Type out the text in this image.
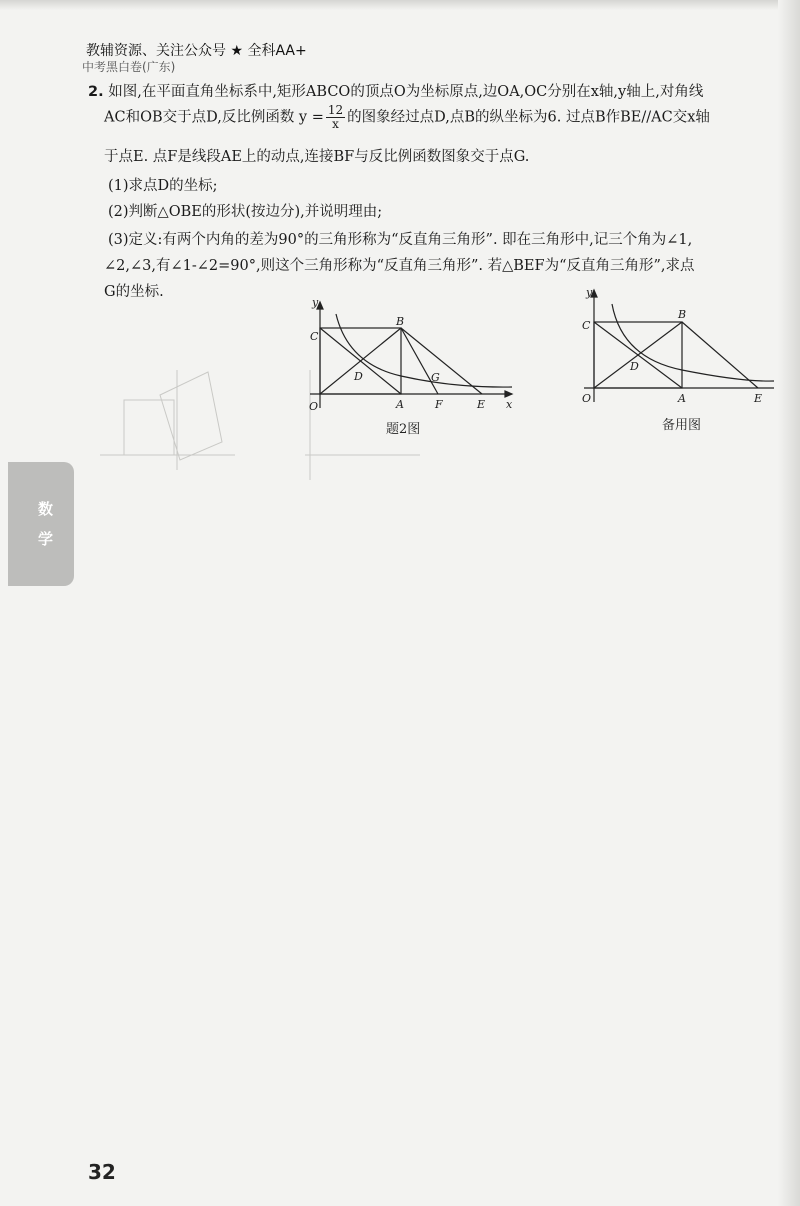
中考黑白卷(广东)
教辅资源、关注公众号 ★ 全科AA+
2. 如图,在平面直角坐标系中,矩形ABCO的顶点O为坐标原点,边OA,OC分别在x轴,y轴上,对角线
AC和OB交于点D,反比例函数 $y = \frac{12}{x}$ 的图象经过点D,点B的纵坐标为6. 过点B作BE//AC交x轴
于点E. 点F是线段AE上的动点,连接BF与反比例函数图象交于点G.
(1)求点D的坐标;
(2)判断△OBE的形状(按边分),并说明理由;
(3)定义:有两个内角的差为90°的三角形称为“反直角三角形”. 即在三角形中,记三个角为∠1,
∠2,∠3,有∠1-∠2=90°,则这个三角形称为“反直角三角形”. 若△BEF为“反直角三角形”,求点
G的坐标.
y
x
C
B
D	G
O	A	F	E
题2图
y
C
B
D
O	A	E
备用图
数
学
32
